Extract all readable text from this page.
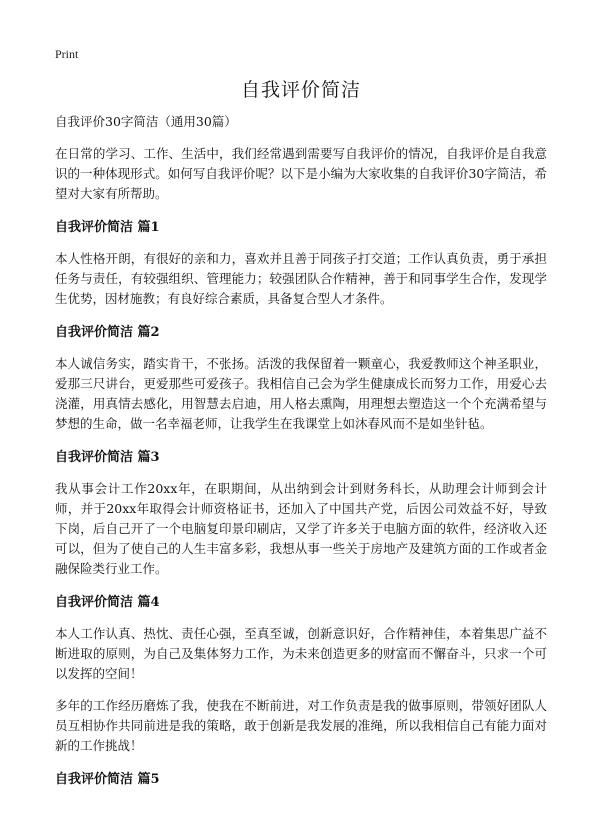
Print
自我评价简洁
自我评价30字简洁（通用30篇）

在日常的学习、工作、生活中，我们经常遇到需要写自我评价的情况，自我评价是自我意识的一种体现形式。如何写自我评价呢？以下是小编为大家收集的自我评价30字简洁，希望对大家有所帮助。

自我评价简洁 篇1

本人性格开朗，有很好的亲和力，喜欢并且善于同孩子打交道；工作认真负责，勇于承担任务与责任，有较强组织、管理能力；较强团队合作精神，善于和同事学生合作，发现学生优势，因材施教；有良好综合素质，具备复合型人才条件。

自我评价简洁 篇2

本人诚信务实，踏实肯干，不张扬。活泼的我保留着一颗童心，我爱教师这个神圣职业，爱那三尺讲台，更爱那些可爱孩子。我相信自己会为学生健康成长而努力工作，用爱心去浇灌，用真情去感化，用智慧去启迪，用人格去熏陶，用理想去塑造这一个个充满希望与梦想的生命，做一名幸福老师，让我学生在我课堂上如沐春风而不是如坐针毡。

自我评价简洁 篇3

我从事会计工作20xx年，在职期间，从出纳到会计到财务科长，从助理会计师到会计师，并于20xx年取得会计师资格证书，还加入了中国共产党，后因公司效益不好，导致下岗，后自己开了一个电脑复印景印刷店，又学了许多关于电脑方面的软件，经济收入还可以，但为了使自己的人生丰富多彩，我想从事一些关于房地产及建筑方面的工作或者金融保险类行业工作。

自我评价简洁 篇4

本人工作认真、热忱、责任心强，至真至诚，创新意识好，合作精神佳，本着集思广益不断进取的原则，为自己及集体努力工作，为未来创造更多的财富而不懈奋斗，只求一个可以发挥的空间！

多年的工作经历磨炼了我，使我在不断前进，对工作负责是我的做事原则，带领好团队人员互相协作共同前进是我的策略，敢于创新是我发展的准绳，所以我相信自己有能力面对新的工作挑战！

自我评价简洁 篇5
